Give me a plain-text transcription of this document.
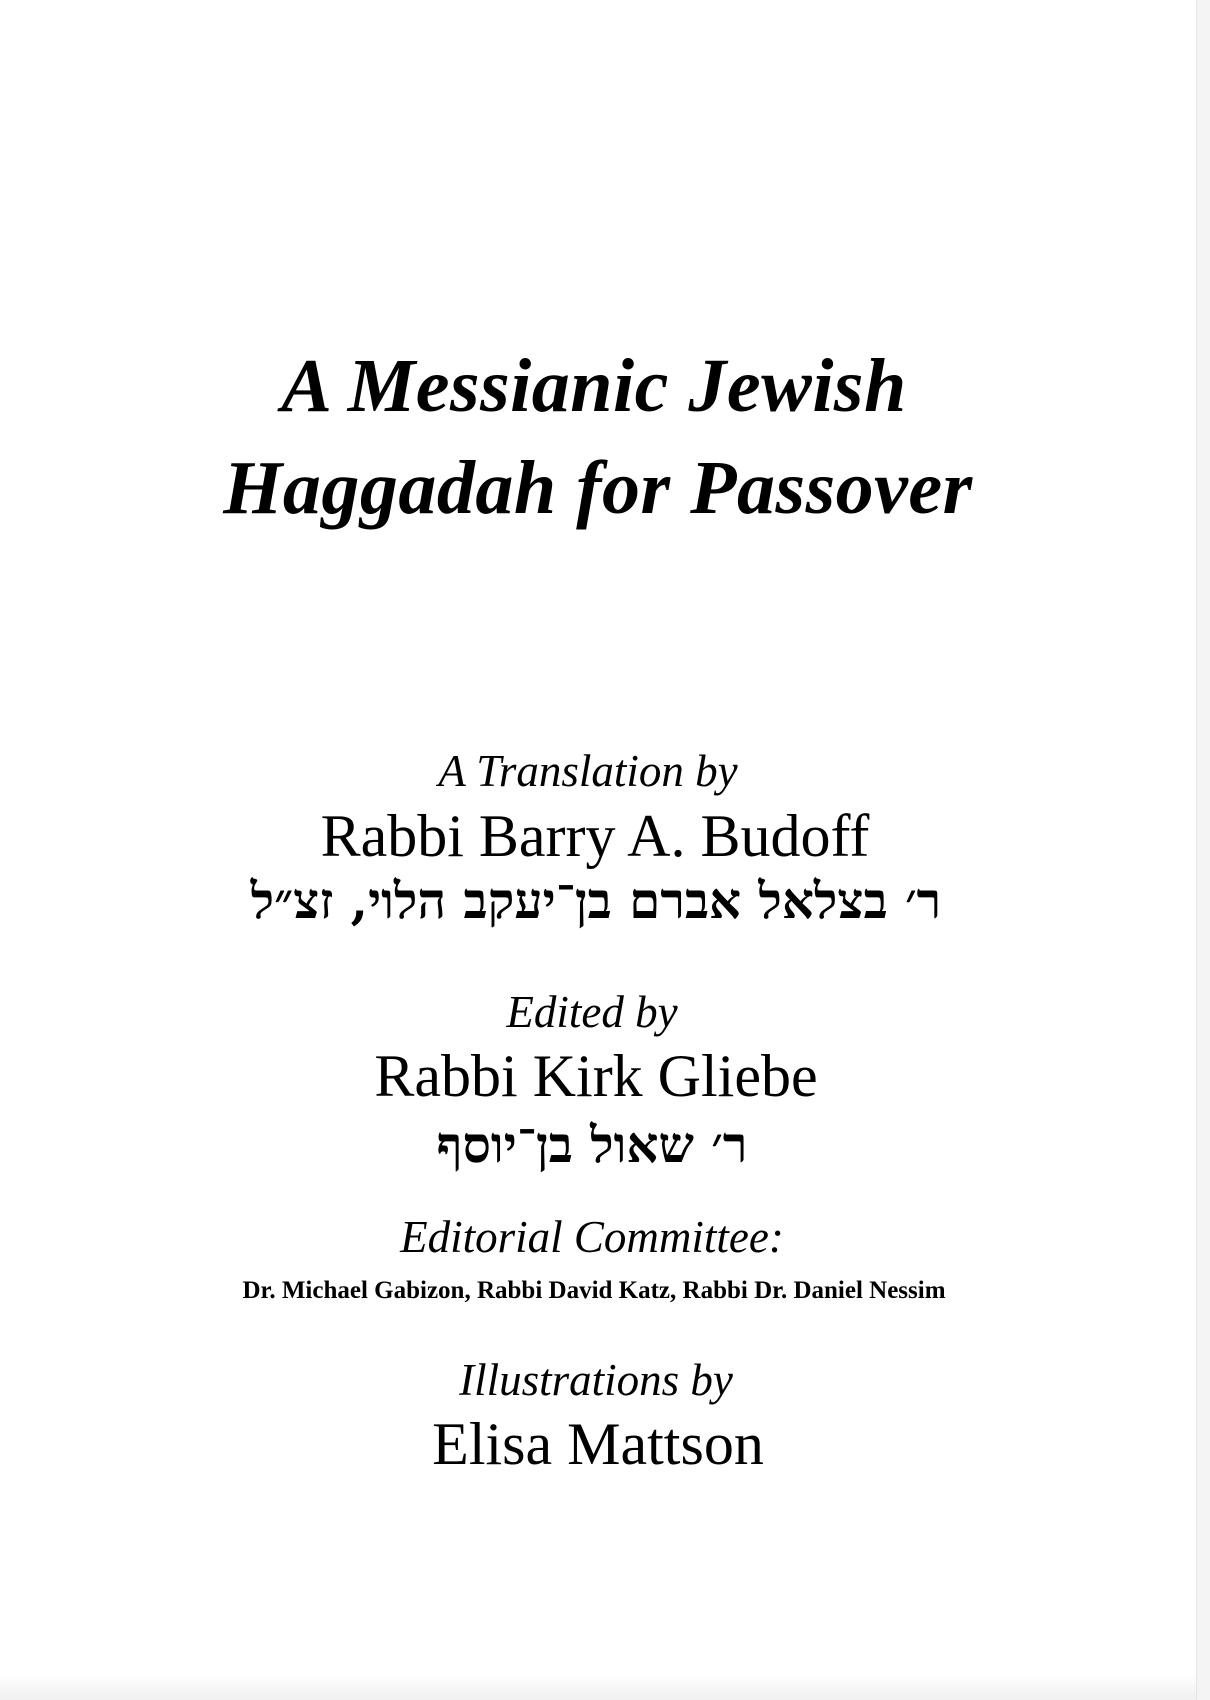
A Messianic Jewish
Haggadah for Passover

A Translation by

Rabbi Barry A. Budoff

ר׳ בצלאל אברם בן־יעקב הלוי, זצ״ל

Edited by

Rabbi Kirk Gliebe

ר׳ שאול בן־יוסף

Editorial Committee:

Dr. Michael Gabizon, Rabbi David Katz, Rabbi Dr. Daniel Nessim

Illustrations by

Elisa Mattson
